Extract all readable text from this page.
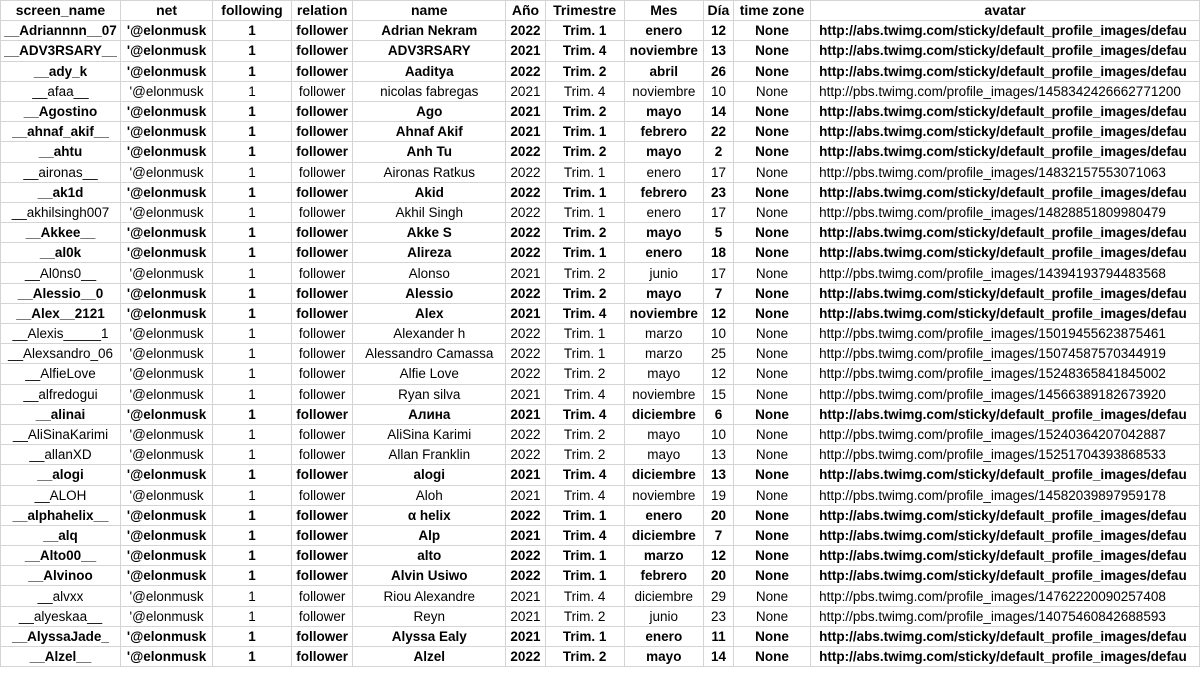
screen_name	net	following	relation	name	Año	Trimestre	Mes	Día	time zone	avatar
__Adriannnn__07	'@elonmusk	1	follower	Adrian Nekram	2022	Trim. 1	enero	12	None	http://abs.twimg.com/sticky/default_profile_images/defau
__ADV3RSARY__	'@elonmusk	1	follower	ADV3RSARY	2021	Trim. 4	noviembre	13	None	http://abs.twimg.com/sticky/default_profile_images/defau
__ady_k	'@elonmusk	1	follower	Aaditya	2022	Trim. 2	abril	26	None	http://abs.twimg.com/sticky/default_profile_images/defau
__afaa__	'@elonmusk	1	follower	nicolas fabregas	2021	Trim. 4	noviembre	10	None	http://pbs.twimg.com/profile_images/1458342426662771200
__Agostino	'@elonmusk	1	follower	Ago	2021	Trim. 2	mayo	14	None	http://abs.twimg.com/sticky/default_profile_images/defau
__ahnaf_akif__	'@elonmusk	1	follower	Ahnaf Akif	2021	Trim. 1	febrero	22	None	http://abs.twimg.com/sticky/default_profile_images/defau
__ahtu	'@elonmusk	1	follower	Anh Tu	2022	Trim. 2	mayo	2	None	http://abs.twimg.com/sticky/default_profile_images/defau
__aironas__	'@elonmusk	1	follower	Aironas Ratkus	2022	Trim. 1	enero	17	None	http://pbs.twimg.com/profile_images/14832157553071063
__ak1d	'@elonmusk	1	follower	Akid	2022	Trim. 1	febrero	23	None	http://abs.twimg.com/sticky/default_profile_images/defau
__akhilsingh007	'@elonmusk	1	follower	Akhil Singh	2022	Trim. 1	enero	17	None	http://pbs.twimg.com/profile_images/14828851809980479
__Akkee__	'@elonmusk	1	follower	Akke S	2022	Trim. 2	mayo	5	None	http://abs.twimg.com/sticky/default_profile_images/defau
__al0k	'@elonmusk	1	follower	Alireza	2022	Trim. 1	enero	18	None	http://abs.twimg.com/sticky/default_profile_images/defau
__Al0ns0__	'@elonmusk	1	follower	Alonso	2021	Trim. 2	junio	17	None	http://pbs.twimg.com/profile_images/14394193794483568
__Alessio__0	'@elonmusk	1	follower	Alessio	2022	Trim. 2	mayo	7	None	http://abs.twimg.com/sticky/default_profile_images/defau
__Alex__2121	'@elonmusk	1	follower	Alex	2021	Trim. 4	noviembre	12	None	http://abs.twimg.com/sticky/default_profile_images/defau
__Alexis_____1	'@elonmusk	1	follower	Alexander h	2022	Trim. 1	marzo	10	None	http://pbs.twimg.com/profile_images/15019455623875461
__Alexsandro_06	'@elonmusk	1	follower	Alessandro Camassa	2022	Trim. 1	marzo	25	None	http://pbs.twimg.com/profile_images/15074587570344919
__AlfieLove	'@elonmusk	1	follower	Alfie Love	2022	Trim. 2	mayo	12	None	http://pbs.twimg.com/profile_images/15248365841845002
__alfredogui	'@elonmusk	1	follower	Ryan silva	2021	Trim. 4	noviembre	15	None	http://pbs.twimg.com/profile_images/14566389182673920
__alinai	'@elonmusk	1	follower	Алина	2021	Trim. 4	diciembre	6	None	http://abs.twimg.com/sticky/default_profile_images/defau
__AliSinaKarimi	'@elonmusk	1	follower	AliSina Karimi	2022	Trim. 2	mayo	10	None	http://pbs.twimg.com/profile_images/15240364207042887
__allanXD	'@elonmusk	1	follower	Allan Franklin	2022	Trim. 2	mayo	13	None	http://pbs.twimg.com/profile_images/15251704393868533
__alogi	'@elonmusk	1	follower	alogi	2021	Trim. 4	diciembre	13	None	http://abs.twimg.com/sticky/default_profile_images/defau
__ALOH	'@elonmusk	1	follower	Aloh	2021	Trim. 4	noviembre	19	None	http://pbs.twimg.com/profile_images/14582039897959178
__alphahelix__	'@elonmusk	1	follower	α helix	2022	Trim. 1	enero	20	None	http://abs.twimg.com/sticky/default_profile_images/defau
__alq	'@elonmusk	1	follower	Alp	2021	Trim. 4	diciembre	7	None	http://abs.twimg.com/sticky/default_profile_images/defau
__Alto00__	'@elonmusk	1	follower	alto	2022	Trim. 1	marzo	12	None	http://abs.twimg.com/sticky/default_profile_images/defau
__Alvinoo	'@elonmusk	1	follower	Alvin Usiwo	2022	Trim. 1	febrero	20	None	http://abs.twimg.com/sticky/default_profile_images/defau
__alvxx	'@elonmusk	1	follower	Riou Alexandre	2021	Trim. 4	diciembre	29	None	http://pbs.twimg.com/profile_images/14762220090257408
__alyeskaa__	'@elonmusk	1	follower	Reyn	2021	Trim. 2	junio	23	None	http://pbs.twimg.com/profile_images/14075460842688593
__AlyssaJade_	'@elonmusk	1	follower	Alyssa Ealy	2021	Trim. 1	enero	11	None	http://abs.twimg.com/sticky/default_profile_images/defau
__Alzel__	'@elonmusk	1	follower	Alzel	2022	Trim. 2	mayo	14	None	http://abs.twimg.com/sticky/default_profile_images/defau
